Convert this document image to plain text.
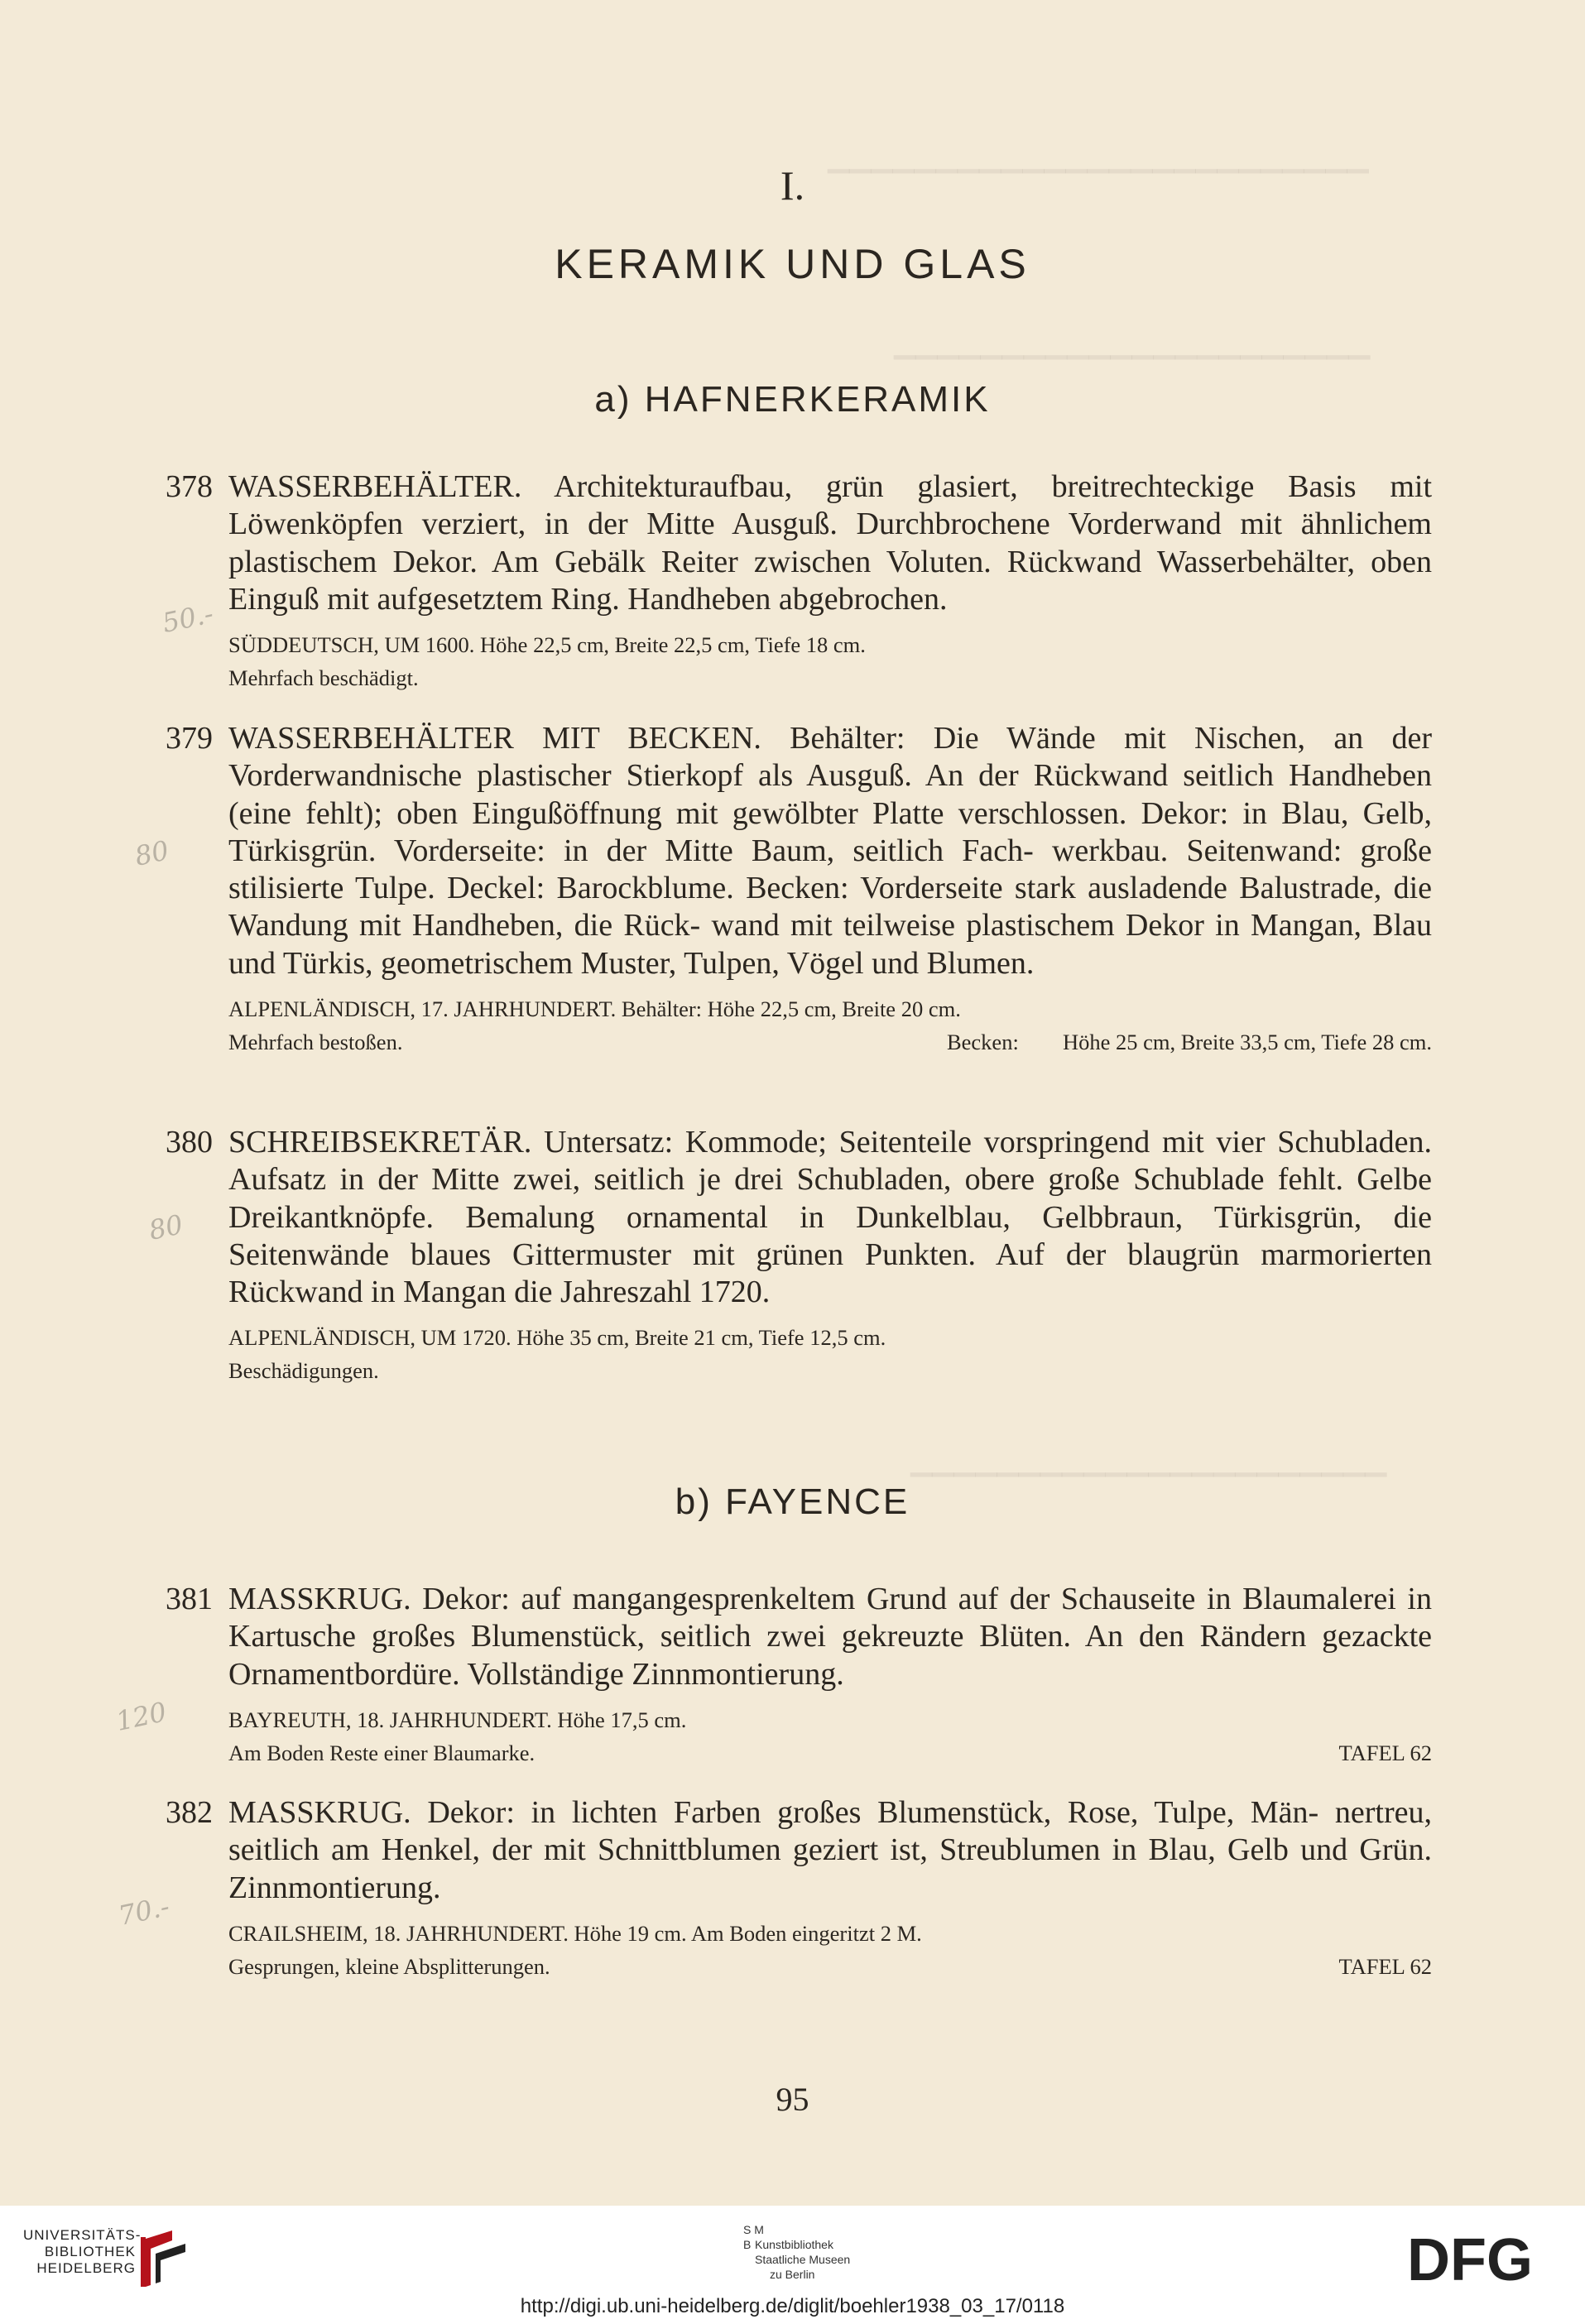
▔▔▔▔▔▔▔▔▔▔▔▔▔▔▔▔▔▔▔▔▔▔▔▔▔
▔▔▔▔▔▔▔▔▔▔▔▔▔▔▔▔▔▔▔▔▔▔
▔▔▔▔▔▔▔▔▔▔▔▔▔▔▔▔▔▔▔▔▔▔
I.
KERAMIK UND GLAS
a) HAFNERKERAMIK
378 WASSERBEHÄLTER. Architekturaufbau, grün glasiert, breitrechteckige Basis mit Löwenköpfen verziert, in der Mitte Ausguß. Durchbrochene Vorderwand mit ähnlichem plastischem Dekor. Am Gebälk Reiter zwischen Voluten. Rückwand Wasserbehälter, oben Einguß mit aufgesetztem Ring. Handheben abgebrochen.
SÜDDEUTSCH, UM 1600. Höhe 22,5 cm, Breite 22,5 cm, Tiefe 18 cm.
Mehrfach beschädigt.
50.-
379 WASSERBEHÄLTER MIT BECKEN. Behälter: Die Wände mit Nischen, an der Vorderwandnische plastischer Stierkopf als Ausguß. An der Rückwand seitlich Handheben (eine fehlt); oben Eingußöffnung mit gewölbter Platte verschlossen. Dekor: in Blau, Gelb, Türkisgrün. Vorderseite: in der Mitte Baum, seitlich Fach- werkbau. Seitenwand: große stilisierte Tulpe. Deckel: Barockblume. Becken: Vorderseite stark ausladende Balustrade, die Wandung mit Handheben, die Rück- wand mit teilweise plastischem Dekor in Mangan, Blau und Türkis, geometrischem Muster, Tulpen, Vögel und Blumen.
ALPENLÄNDISCH, 17. JAHRHUNDERT. Behälter: Höhe 22,5 cm, Breite 20 cm.
Mehrfach bestoßen.	Becken:	Höhe 25 cm, Breite 33,5 cm, Tiefe 28 cm.
80
380 SCHREIBSEKRETÄR. Untersatz: Kommode; Seitenteile vorspringend mit vier Schubladen. Aufsatz in der Mitte zwei, seitlich je drei Schubladen, obere große Schublade fehlt. Gelbe Dreikantknöpfe. Bemalung ornamental in Dunkelblau, Gelbbraun, Türkisgrün, die Seitenwände blaues Gittermuster mit grünen Punkten. Auf der blaugrün marmorierten Rückwand in Mangan die Jahreszahl 1720.
ALPENLÄNDISCH, UM 1720. Höhe 35 cm, Breite 21 cm, Tiefe 12,5 cm.
Beschädigungen.
80
b) FAYENCE
381 MASSKRUG. Dekor: auf mangangesprenkeltem Grund auf der Schauseite in Blaumalerei in Kartusche großes Blumenstück, seitlich zwei gekreuzte Blüten. An den Rändern gezackte Ornamentbordüre. Vollständige Zinnmontierung.
BAYREUTH, 18. JAHRHUNDERT. Höhe 17,5 cm.
Am Boden Reste einer Blaumarke.	TAFEL 62
120
382 MASSKRUG. Dekor: in lichten Farben großes Blumenstück, Rose, Tulpe, Män- nertreu, seitlich am Henkel, der mit Schnittblumen geziert ist, Streublumen in Blau, Gelb und Grün. Zinnmontierung.
CRAILSHEIM, 18. JAHRHUNDERT. Höhe 19 cm. Am Boden eingeritzt 2 M.
Gesprungen, kleine Absplitterungen.	TAFEL 62
70.-
95
UNIVERSITÄTS-
BIBLIOTHEK
HEIDELBERG
S M
B Kunstbibliothek
Staatliche Museen
zu Berlin	DFG
http://digi.ub.uni-heidelberg.de/diglit/boehler1938_03_17/0118
